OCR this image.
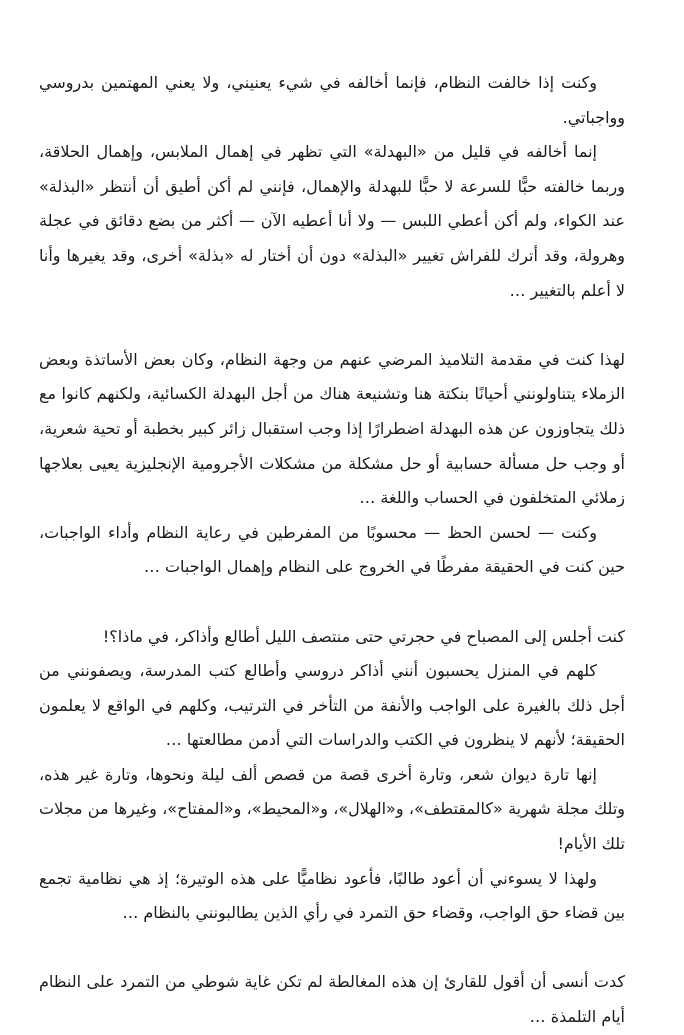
وكنت إذا خالفت النظام، فإنما أخالفه في شيء يعنيني، ولا يعني المهتمين بدروسي وواجباتي.

إنما أخالفه في قليل من «البهدلة» التي تظهر في إهمال الملابس، وإهمال الحلاقة، وربما خالفته حبًّا للسرعة لا حبًّا للبهدلة والإهمال، فإنني لم أكن أطيق أن أنتظر «البذلة» عند الكواء، ولم أكن أعطي اللبس — ولا أنا أعطيه الآن — أكثر من بضع دقائق في عجلة وهرولة، وقد أترك للفراش تغيير «البذلة» دون أن أختار له «بذلة» أخرى، وقد يغيرها وأنا لا أعلم بالتغيير …

لهذا كنت في مقدمة التلاميذ المرضي عنهم من وجهة النظام، وكان بعض الأساتذة وبعض الزملاء يتناولونني أحيانًا بنكتة هنا وتشنيعة هناك من أجل البهدلة الكسائية، ولكنهم كانوا مع ذلك يتجاوزون عن هذه البهدلة اضطرارًا إذا وجب استقبال زائر كبير بخطبة أو تحية شعرية، أو وجب حل مسألة حسابية أو حل مشكلة من مشكلات الأجرومية الإنجليزية يعيى بعلاجها زملائي المتخلفون في الحساب واللغة …

وكنت — لحسن الحظ — محسوبًا من المفرطين في رعاية النظام وأداء الواجبات، حين كنت في الحقيقة مفرطًا في الخروج على النظام وإهمال الواجبات …

كنت أجلس إلى المصباح في حجرتي حتى منتصف الليل أطالع وأذاكر، في ماذا؟!

كلهم في المنزل يحسبون أنني أذاكر دروسي وأطالع كتب المدرسة، ويصفونني من أجل ذلك بالغيرة على الواجب والأنفة من التأخر في الترتيب، وكلهم في الواقع لا يعلمون الحقيقة؛ لأنهم لا ينظرون في الكتب والدراسات التي أدمن مطالعتها …

إنها تارة ديوان شعر، وتارة أخرى قصة من قصص ألف ليلة ونحوها، وتارة غير هذه، وتلك مجلة شهرية «كالمقتطف»، و«الهلال»، و«المحيط»، و«المفتاح»، وغيرها من مجلات تلك الأيام!

ولهذا لا يسوءني أن أعود طالبًا، فأعود نظاميًّا على هذه الوتيرة؛ إذ هي نظامية تجمع بين قضاء حق الواجب، وقضاء حق التمرد في رأي الذين يطالبونني بالنظام …

كدت أنسى أن أقول للقارئ إن هذه المغالطة لم تكن غاية شوطي من التمرد على النظام أيام التلمذة …
